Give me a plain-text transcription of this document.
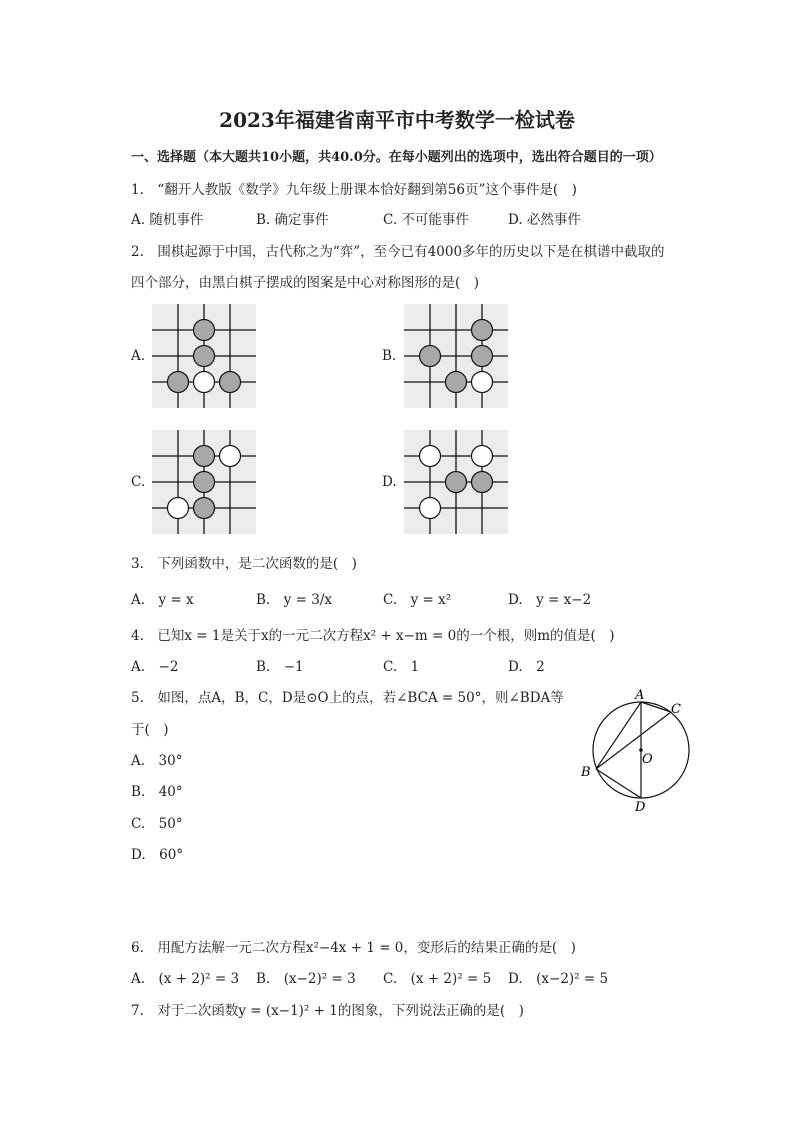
2023年福建省南平市中考数学一检试卷
一、选择题（本大题共10小题，共40.0分。在每小题列出的选项中，选出符合题目的一项）
1.　“翻开人教版《数学》九年级上册课本恰好翻到第56页”这个事件是(　)
A. 随机事件	B. 确定事件	C. 不可能事件	D. 必然事件
2.　围棋起源于中国，古代称之为“弈”，至今已有4000多年的历史以下是在棋谱中截取的
四个部分，由黑白棋子摆成的图案是中心对称图形的是(　)
A.	B.
C.	D.
3.　下列函数中，是二次函数的是(　)
A.　y = x	B.　y = 3/x	C.　y = x²	D.　y = x−2
4.　已知x = 1是关于x的一元二次方程x² + x−m = 0的一个根，则m的值是(　)
A.　−2	B.　−1	C.　1	D.　2
5.　如图，点A，B，C，D是⊙O上的点，若∠BCA = 50°，则∠BDA等
于(　)
A.　30°
B.　40°
C.　50°
D.　60°
A
C
O
B
D
6.　用配方法解一元二次方程x²−4x + 1 = 0，变形后的结果正确的是(　)
A.　(x + 2)² = 3 B.　(x−2)² = 3 C.　(x + 2)² = 5 D.　(x−2)² = 5
7.　对于二次函数y = (x−1)² + 1的图象，下列说法正确的是(　)
